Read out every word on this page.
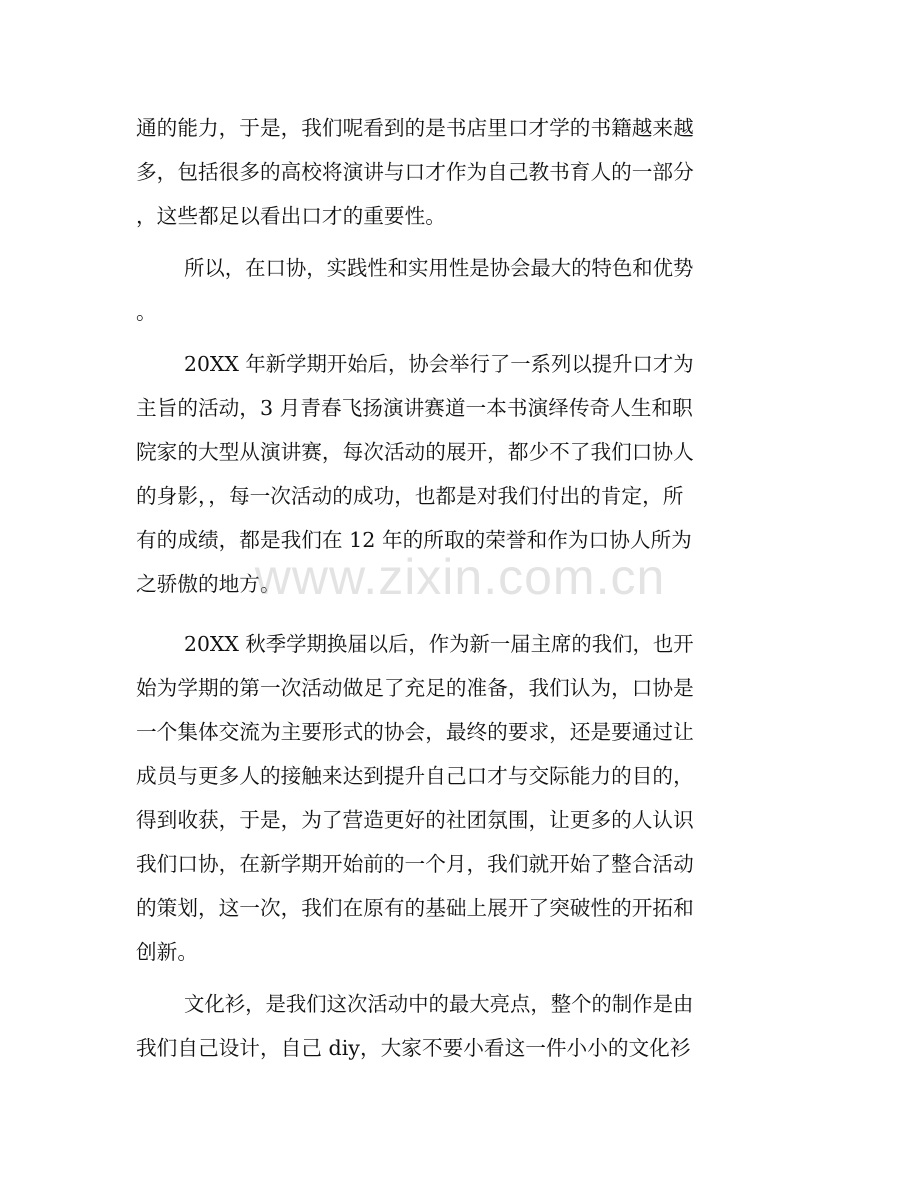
通的能力，于是，我们呢看到的是书店里口才学的书籍越来越
多，包括很多的高校将演讲与口才作为自己教书育人的一部分
，这些都足以看出口才的重要性。
所以，在口协，实践性和实用性是协会最大的特色和优势
。
20XX 年新学期开始后，协会举行了一系列以提升口才为
主旨的活动，3 月青春飞扬演讲赛道一本书演绎传奇人生和职
院家的大型从演讲赛，每次活动的展开，都少不了我们口协人
的身影，，每一次活动的成功，也都是对我们付出的肯定，所
有的成绩，都是我们在 12 年的所取的荣誉和作为口协人所为
之骄傲的地方。
20XX 秋季学期换届以后，作为新一届主席的我们，也开
始为学期的第一次活动做足了充足的准备，我们认为，口协是
一个集体交流为主要形式的协会，最终的要求，还是要通过让
成员与更多人的接触来达到提升自己口才与交际能力的目的，
得到收获，于是，为了营造更好的社团氛围，让更多的人认识
我们口协，在新学期开始前的一个月，我们就开始了整合活动
的策划，这一次，我们在原有的基础上展开了突破性的开拓和
创新。
文化衫，是我们这次活动中的最大亮点，整个的制作是由
我们自己设计，自己 diy，大家不要小看这一件小小的文化衫
www.zixin.com.cn
